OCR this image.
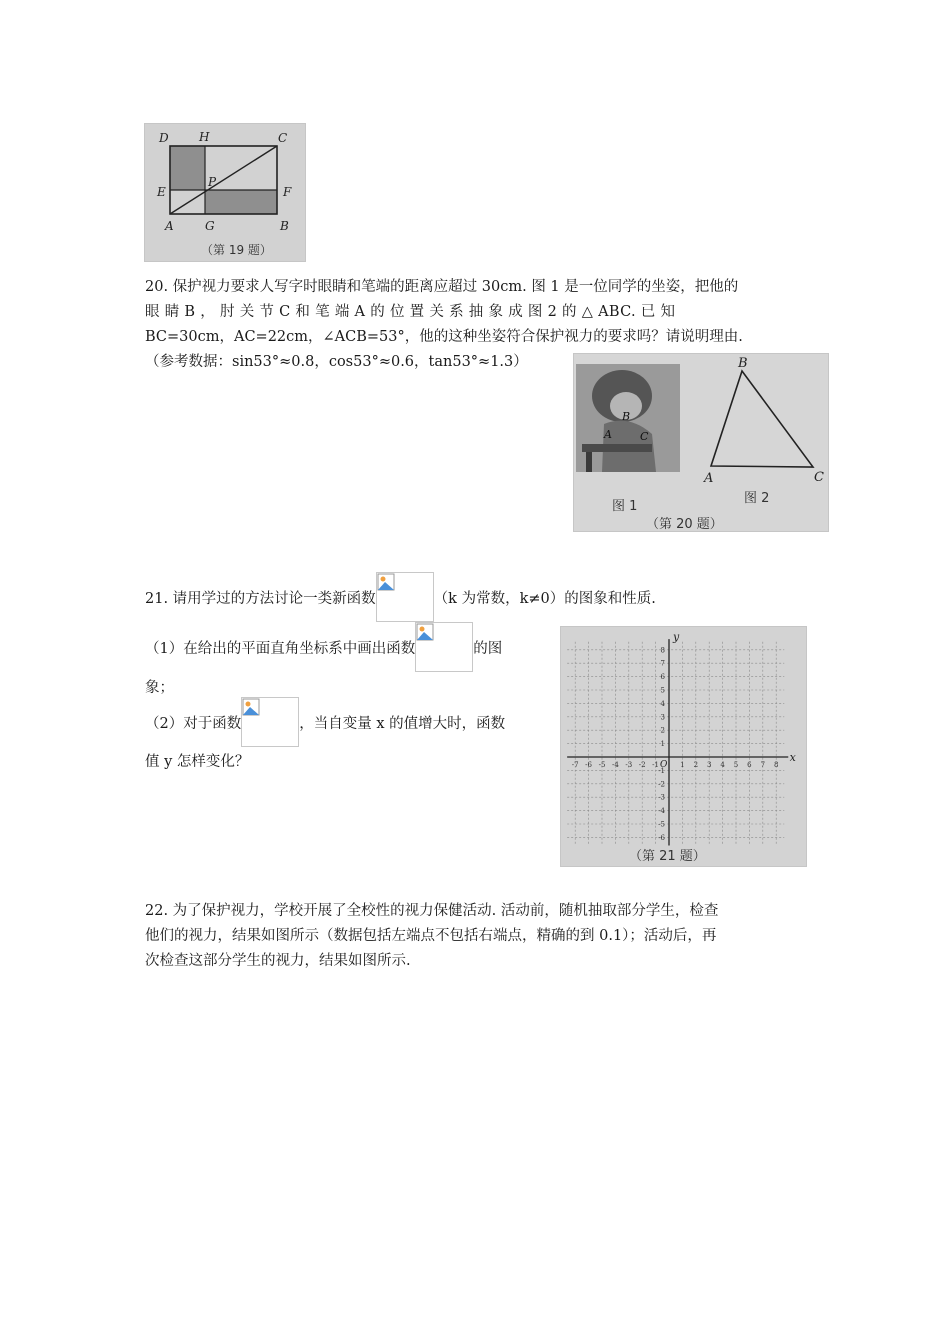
D	H	C
E
P
F
A	G	B
（第 19 题）
20. 保护视力要求人写字时眼睛和笔端的距离应超过 30cm. 图 1 是一位同学的坐姿，把他的
眼 睛 B ， 肘 关 节 C 和 笔 端 A 的 位 置 关 系 抽 象 成 图 2 的 △ ABC. 已 知
BC=30cm，AC=22cm，∠ACB=53°，他的这种坐姿符合保护视力的要求吗？请说明理由.
（参考数据：sin53°≈0.8，cos53°≈0.6，tan53°≈1.3）
B
A	C
B
A	C
图 1
图 2
（第 20 题）
21. 请用学过的方法讨论一类新函数	（k 为常数，k≠0）的图象和性质.
（1）在给出的平面直角坐标系中画出函数	的图
象；
（2）对于函数	，当自变量 x 的值增大时，函数
值 y 怎样变化？	x
y
O
-7 -6 -5 -4 -3 -2 -1	1 2 3 4 5 6 7 8
8
7
6
5
4
3
2
1
-1
-2
-3
-4
-5
-6
（第 21 题）
22. 为了保护视力，学校开展了全校性的视力保健活动. 活动前，随机抽取部分学生，检查
他们的视力，结果如图所示（数据包括左端点不包括右端点，精确的到 0.1）；活动后，再
次检查这部分学生的视力，结果如图所示.
